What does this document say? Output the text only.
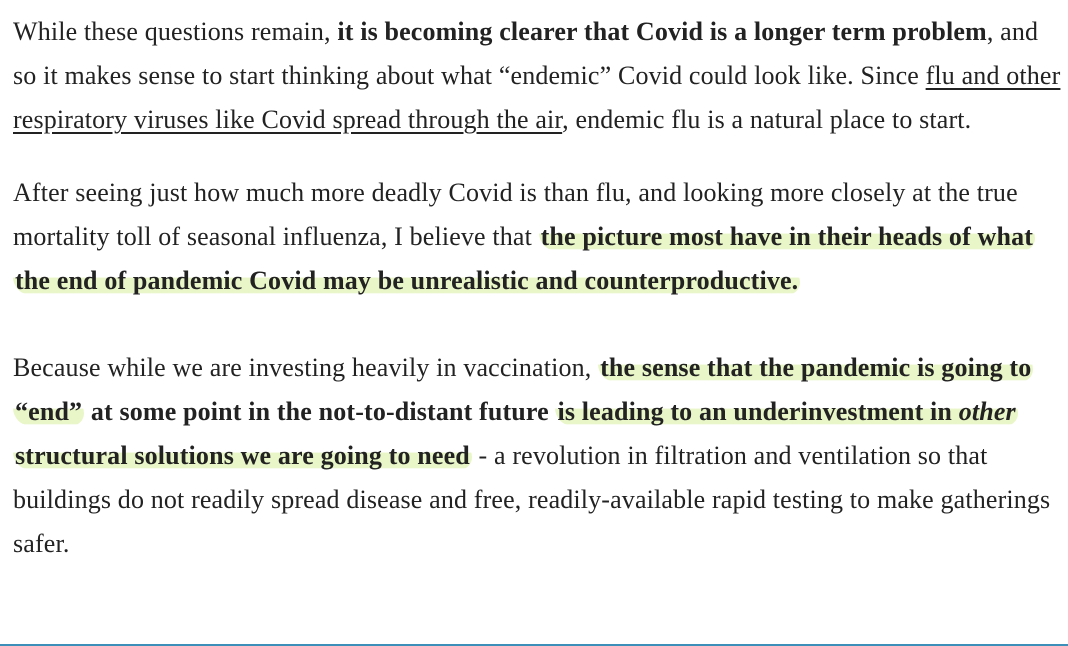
While these questions remain, it is becoming clearer that Covid is a longer term problem, and so it makes sense to start thinking about what “endemic” Covid could look like. Since flu and other respiratory viruses like Covid spread through the air, endemic flu is a natural place to start.

After seeing just how much more deadly Covid is than flu, and looking more closely at the true mortality toll of seasonal influenza, I believe that the picture most have in their heads of what the end of pandemic Covid may be unrealistic and counterproductive.

Because while we are investing heavily in vaccination, the sense that the pandemic is going to “end” at some point in the not-to-distant future is leading to an underinvestment in other structural solutions we are going to need - a revolution in filtration and ventilation so that buildings do not readily spread disease and free, readily-available rapid testing to make gatherings safer.
